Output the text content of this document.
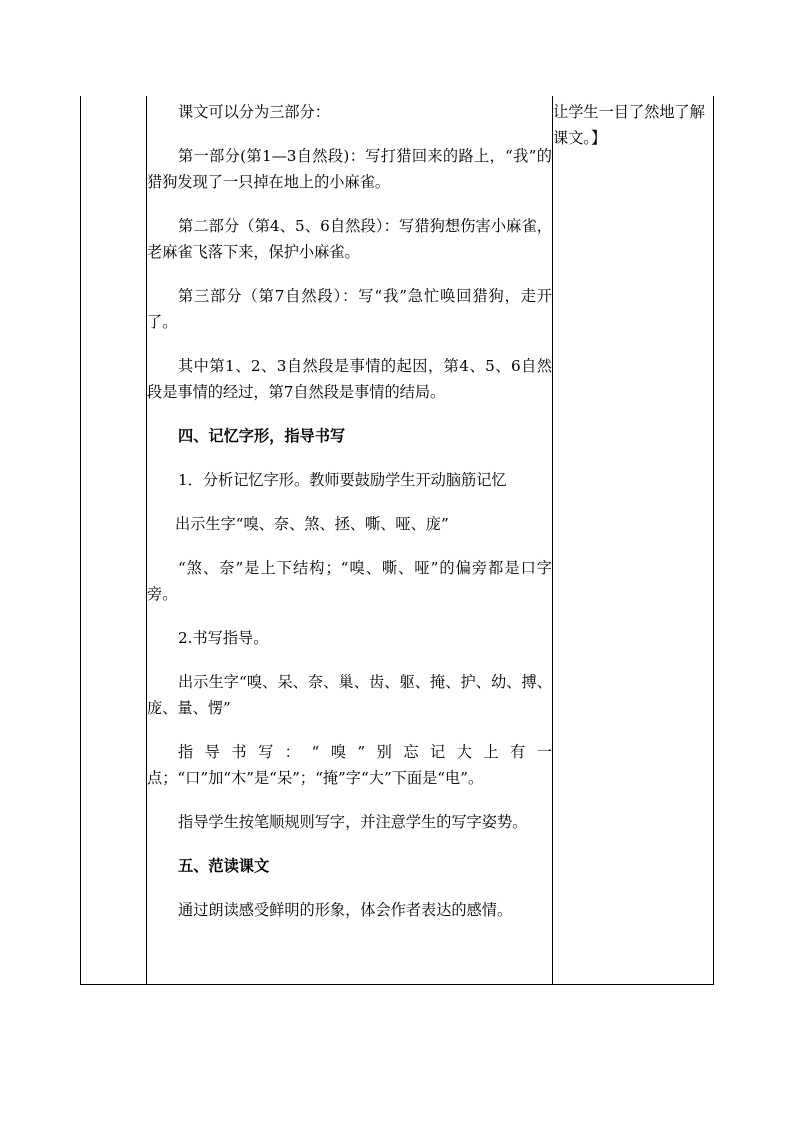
课文可以分为三部分：

第一部分(第1—3自然段)：写打猎回来的路上，“我”的猎狗发现了一只掉在地上的小麻雀。

第二部分（第4、5、6自然段）：写猎狗想伤害小麻雀，老麻雀飞落下来，保护小麻雀。

第三部分（第7自然段）：写“我”急忙唤回猎狗，走开了。

其中第1、2、3自然段是事情的起因，第4、5、6自然段是事情的经过，第7自然段是事情的结局。

四、记忆字形，指导书写

1．分析记忆字形。教师要鼓励学生开动脑筋记忆

出示生字“嗅、奈、煞、拯、嘶、哑、庞”

“煞、奈”是上下结构；“嗅、嘶、哑”的偏旁都是口字旁。

2.书写指导。

出示生字“嗅、呆、奈、巢、齿、躯、掩、护、幼、搏、庞、量、愣”

指导书写：“嗅”别忘记大上有一点；“口”加“木”是“呆”；“掩”字“大”下面是“电”。

指导学生按笔顺规则写字，并注意学生的写字姿势。

五、范读课文

通过朗读感受鲜明的形象，体会作者表达的感情。

让学生一目了然地了解课文。】
